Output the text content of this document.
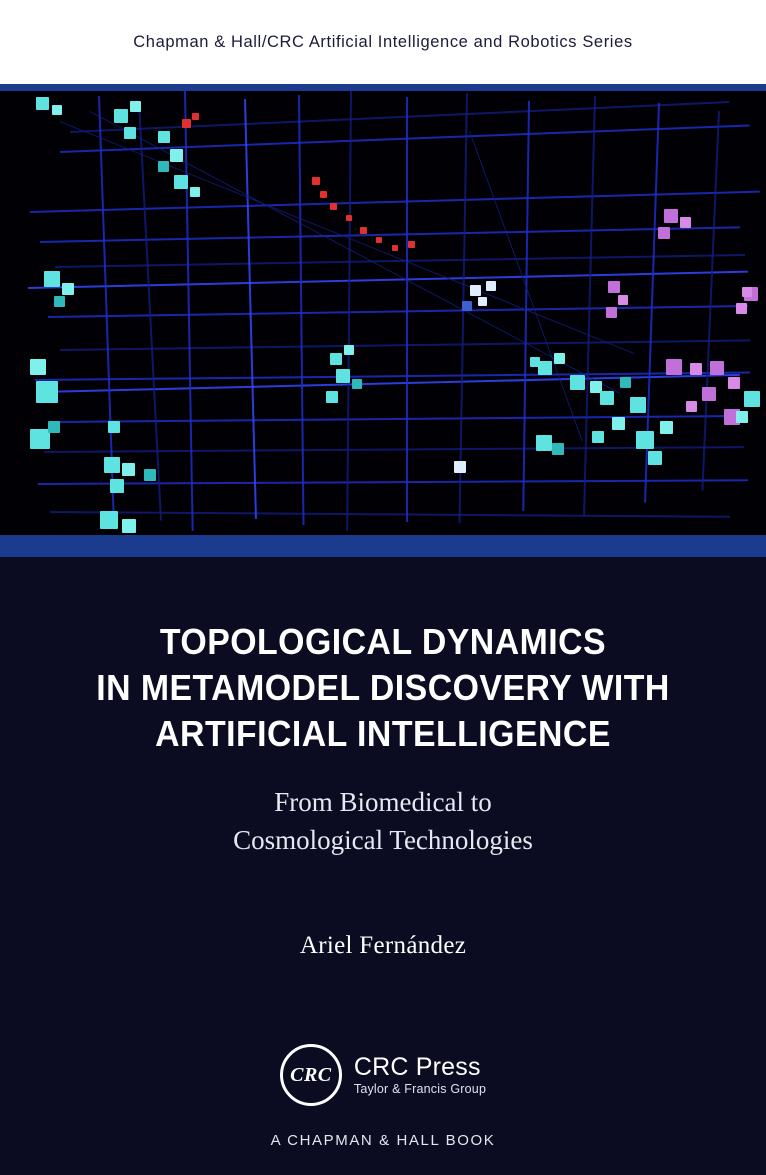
Chapman & Hall/CRC Artificial Intelligence and Robotics Series
TOPOLOGICAL DYNAMICS
IN METAMODEL DISCOVERY WITH
ARTIFICIAL INTELLIGENCE
From Biomedical to
Cosmological Technologies
Ariel Fernández
CRC CRC Press
Taylor & Francis Group
A CHAPMAN & HALL BOOK
